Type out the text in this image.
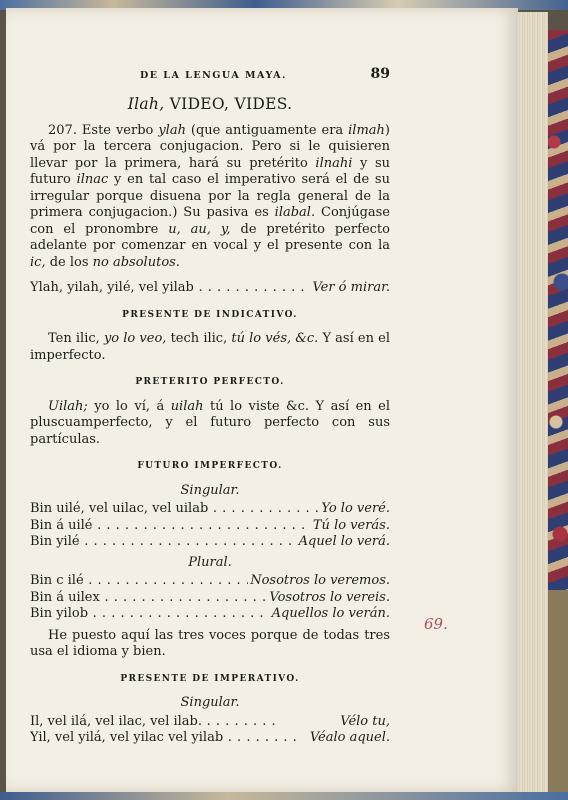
DE LA LENGUA MAYA.	89
Ilah, VIDEO, VIDES.

207. Este verbo ylah (que antiguamente era ilmah) vá por la tercera conjugacion. Pero si le quisieren llevar por la primera, hará su pretérito ilnahi y su futuro ilnac y en tal caso el imperativo será el de su irregular porque disuena por la regla general de la primera conjugacion.) Su pasiva es ilabal. Conjúgase con el pronombre u, au, y, de pretérito perfecto adelante por comenzar en vocal y el presente con la ic, de los no absolutos.

Ylah, yilah, yilé, vel yilab . . .	Ver ó mirar.
PRESENTE DE INDICATIVO.

Ten ilic, yo lo veo, tech ilic, tú lo vés, &c. Y así en el imperfecto.

PRETERITO PERFECTO.

Uilah; yo lo ví, á uilah tú lo viste &c. Y así en el pluscuamperfecto, y el futuro perfecto con sus partículas.

FUTURO IMPERFECTO.
Singular.
Bin uilé, vel uilac, vel uilab . . .	Yo lo veré.
Bin á uilé . . .	Tú lo verás.
Bin yilé . . .	Aquel lo verá.
Plural.
Bin c ilé . . .	Nosotros lo veremos.
Bin á uilex . . .	Vosotros lo vereis.
Bin yilob . . .	Aquellos lo verán.

He puesto aquí las tres voces porque de todas tres usa el idioma y bien.

PRESENTE DE IMPERATIVO.
Singular.
Il, vel ilá, vel ilac, vel ilab. . . .	Vélo tu,
Yil, vel yilá, vel yilac vel yilab . . .	Véalo aquel.
69.
